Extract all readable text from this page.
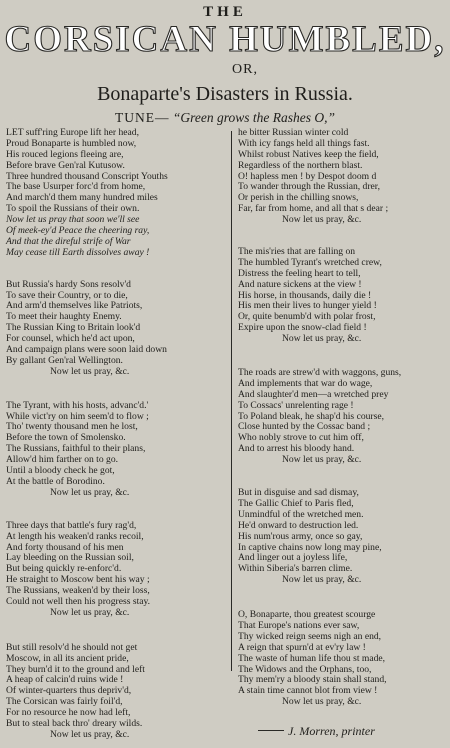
THE
CORSICAN HUMBLED,
OR,
Bonaparte's Disasters in Russia.
TUNE— “Green grows the Rashes O,”
LET suff'ring Europe lift her head,
Proud Bonaparte is humbled now,
His rouced legions fleeing are,
Before brave Gen'ral Kutusow.
Three hundred thousand Conscript Youths
The base Usurper forc'd from home,
And march'd them many hundred miles
To spoil the Russians of their own.
Now let us pray that soon we'll see
Of meek-ey'd Peace the cheering ray,
And that the direful strife of War
May cease till Earth dissolves away !
But Russia's hardy Sons resolv'd
To save their Country, or to die,
And arm'd themselves like Patriots,
To meet their haughty Enemy.
The Russian King to Britain look'd
For counsel, which he'd act upon,
And campaign plans were soon laid down
By gallant Gen'ral Wellington.
Now let us pray, &c.
The Tyrant, with his hosts, advanc'd.'
While vict'ry on him seem'd to flow ;
Tho' twenty thousand men he lost,
Before the town of Smolensko.
The Russians, faithful to their plans,
Allow'd him farther on to go.
Until a bloody check he got,
At the battle of Borodino.
Now let us pray, &c.
Three days that battle's fury rag'd,
At length his weaken'd ranks recoil,
And forty thousand of his men
Lay bleeding on the Russian soil,
But being quickly re-enforc'd.
He straight to Moscow bent his way ;
The Russians, weaken'd by their loss,
Could not well then his progress stay.
Now let us pray, &c.
But still resolv'd he should not get
Moscow, in all its ancient pride,
They burn'd it to the ground and left
A heap of calcin'd ruins wide !
Of winter-quarters thus depriv'd,
The Corsican was fairly foil'd,
For no resource he now had left,
But to steal back thro' dreary wilds.
Now let us pray, &c.
he bitter Russian winter cold
With icy fangs held all things fast.
Whilst robust Natives keep the field,
Regardless of the northern blast.
O! hapless men ! by Despot doom d
To wander through the Russian, drer,
Or perish in the chilling snows,
Far, far from home, and all that s dear ;
Now let us pray, &c.
The mis'ries that are falling on
The humbled Tyrant's wretched crew,
Distress the feeling heart to tell,
And nature sickens at the view !
His horse, in thousands, daily die !
His men their lives to hunger yield !
Or, quite benumb'd with polar frost,
Expire upon the snow-clad field !
Now let us pray, &c.
The roads are strew'd with waggons, guns,
And implements that war do wage,
And slaughter'd men—a wretched prey
To Cossacs' unrelenting rage !
To Poland bleak, he shap'd his course,
Close hunted by the Cossac band ;
Who nobly strove to cut him off,
And to arrest his bloody hand.
Now let us pray, &c.
But in disguise and sad dismay,
The Gallic Chief to Paris fled,
Unmindful of the wretched men.
He'd onward to destruction led.
His num'rous army, once so gay,
In captive chains now long may pine,
And linger out a joyless life,
Within Siberia's barren clime.
Now let us pray, &c.
O, Bonaparte, thou greatest scourge
That Europe's nations ever saw,
Thy wicked reign seems nigh an end,
A reign that spurn'd at ev'ry law !
The waste of human life thou st made,
The Widows and the Orphans, too,
Thy mem'ry a bloody stain shall stand,
A stain time cannot blot from view !
Now let us pray, &c.
J. Morren, printer
